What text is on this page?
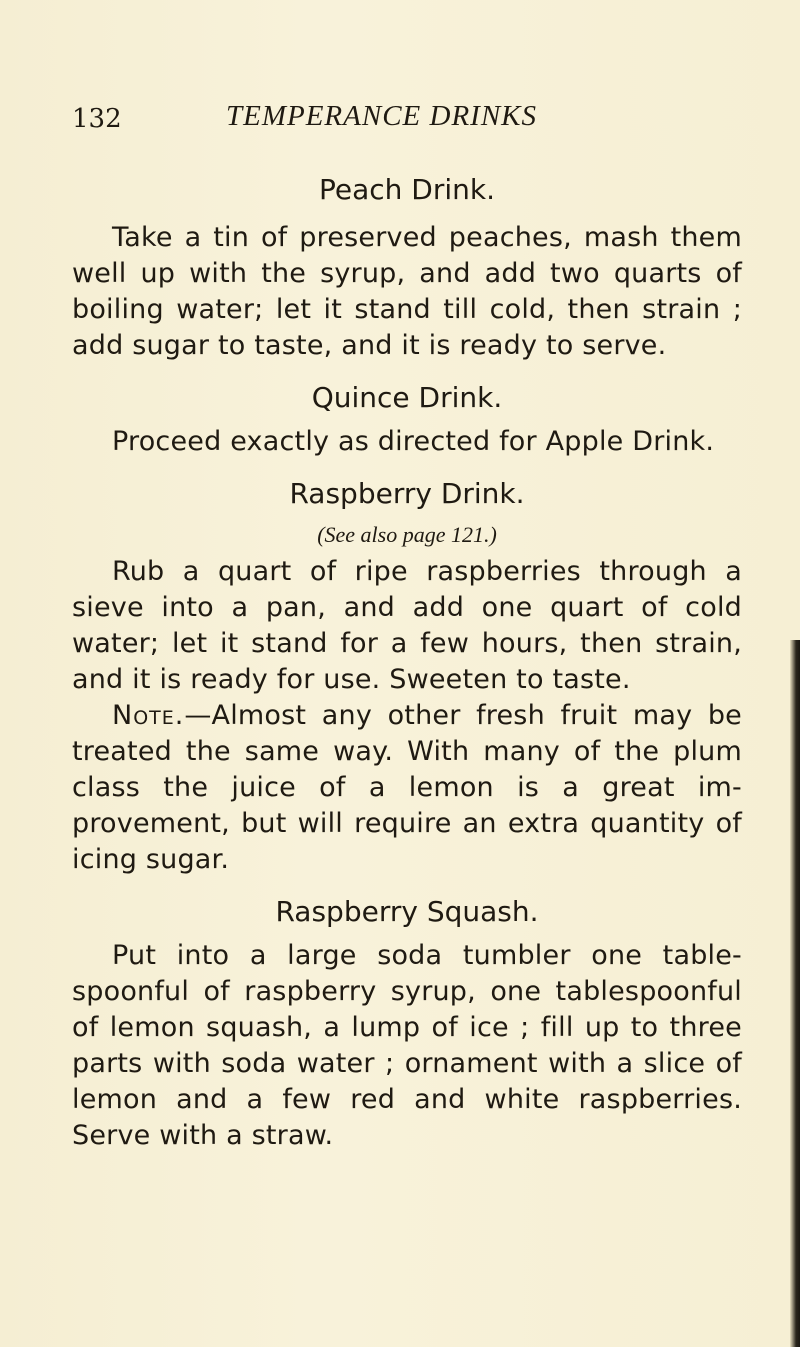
132	TEMPERANCE DRINKS
Peach Drink.

Take a tin of preserved peaches, mash them well up with the syrup, and add two quarts of boiling water; let it stand till cold, then strain ; add sugar to taste, and it is ready to serve.

Quince Drink.

Proceed exactly as directed for Apple Drink.

Raspberry Drink.

(See also page 121.)

Rub a quart of ripe raspberries through a sieve into a pan, and add one quart of cold water; let it stand for a few hours, then strain, and it is ready for use. Sweeten to taste.

Note.—Almost any other fresh fruit may be treated the same way. With many of the plum class the juice of a lemon is a great im-provement, but will require an extra quantity of icing sugar.

Raspberry Squash.

Put into a large soda tumbler one table-spoonful of raspberry syrup, one tablespoonful of lemon squash, a lump of ice ; fill up to three parts with soda water ; ornament with a slice of lemon and a few red and white raspberries. Serve with a straw.
